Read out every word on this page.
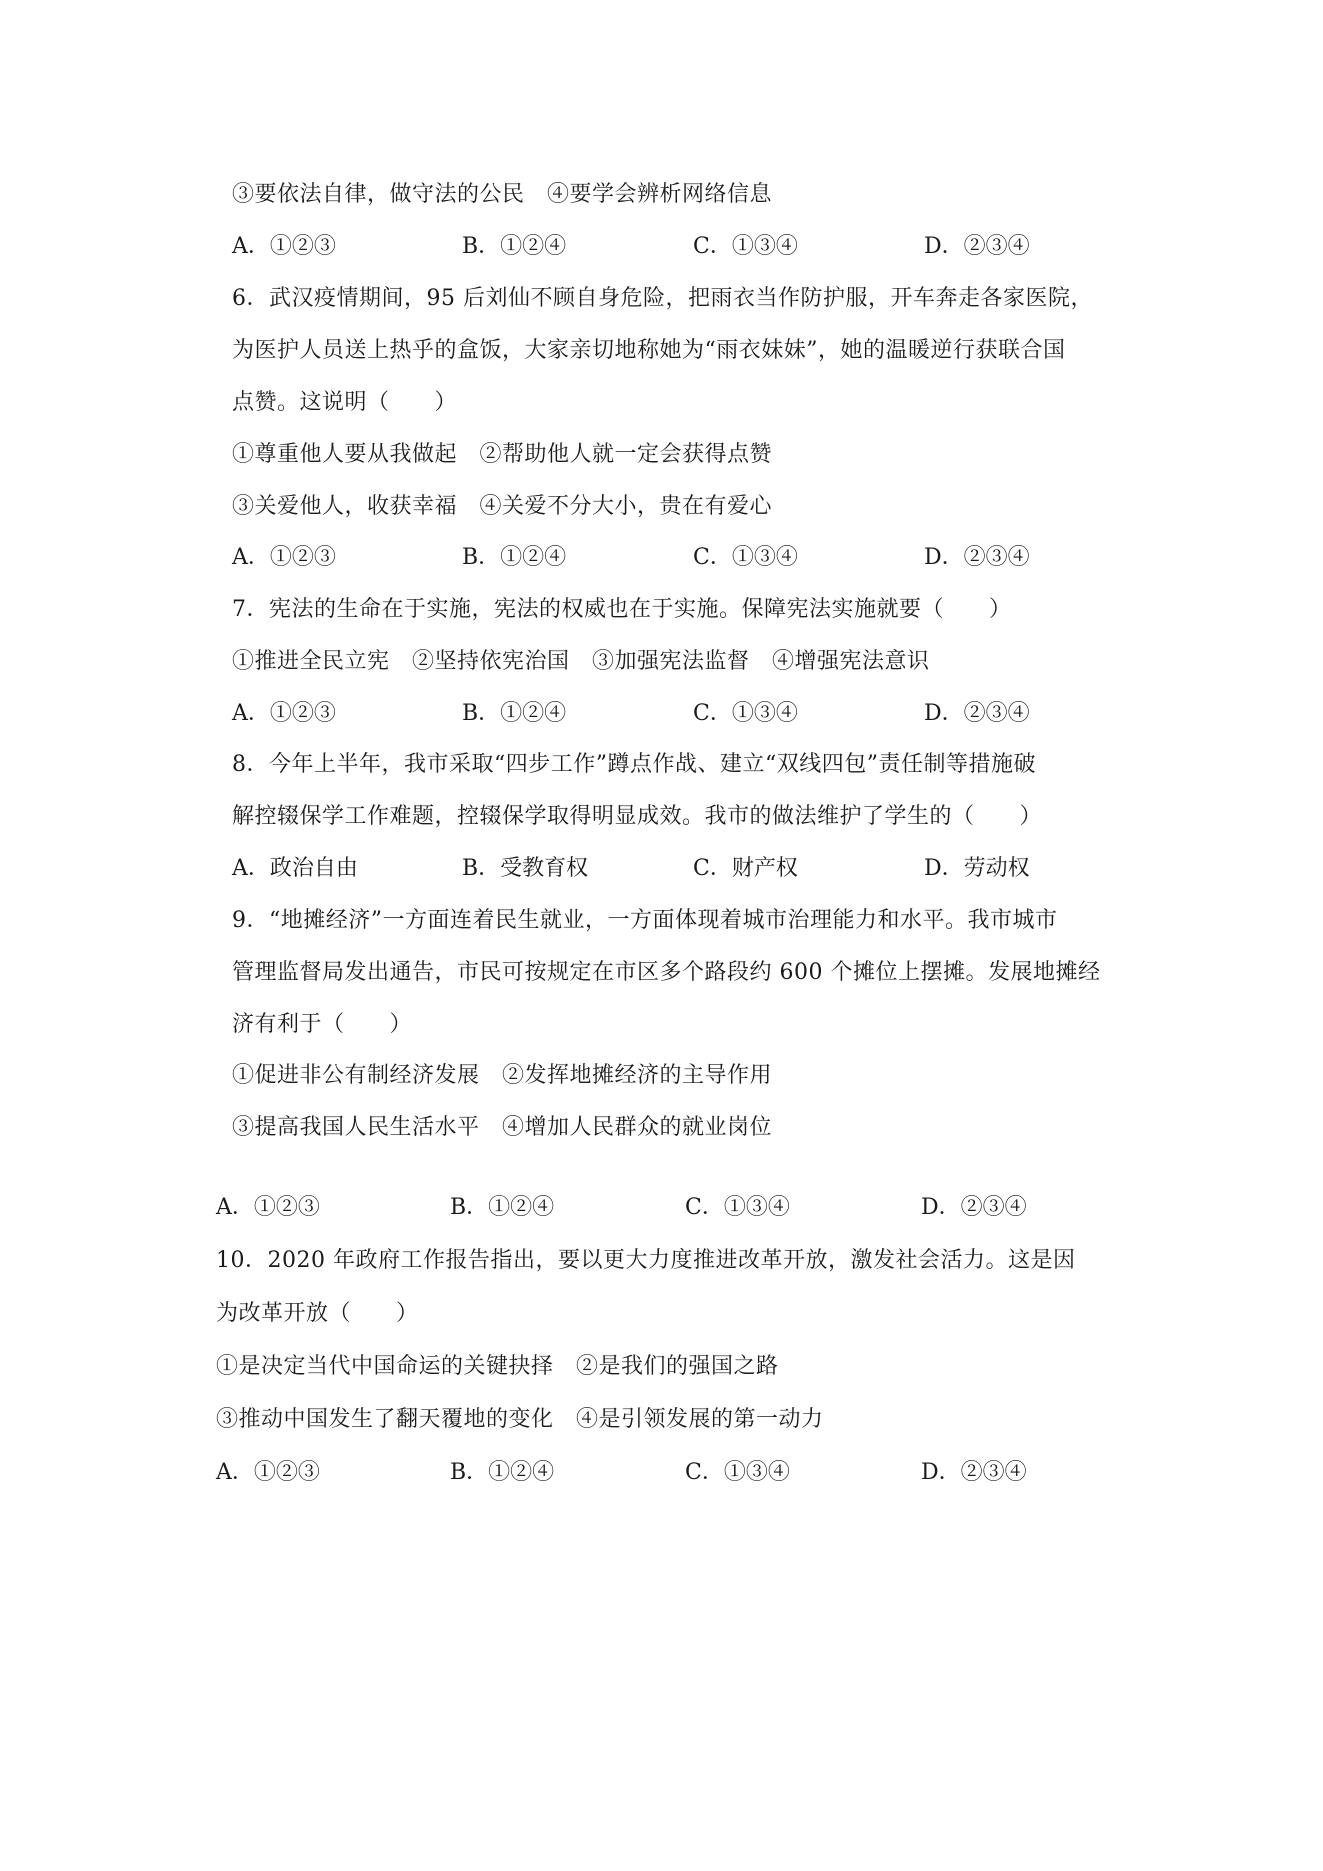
③要依法自律，做守法的公民　④要学会辨析网络信息
A．①②③	B．①②④	C．①③④	D．②③④
6．武汉疫情期间，95 后刘仙不顾自身危险，把雨衣当作防护服，开车奔走各家医院，
为医护人员送上热乎的盒饭，大家亲切地称她为“雨衣妹妹”，她的温暖逆行获联合国
点赞。这说明（　　）
①尊重他人要从我做起　②帮助他人就一定会获得点赞
③关爱他人，收获幸福　④关爱不分大小，贵在有爱心
A．①②③	B．①②④	C．①③④	D．②③④
7．宪法的生命在于实施，宪法的权威也在于实施。保障宪法实施就要（　　）
①推进全民立宪　②坚持依宪治国　③加强宪法监督　④增强宪法意识
A．①②③	B．①②④	C．①③④	D．②③④
8．今年上半年，我市采取“四步工作”蹲点作战、建立“双线四包”责任制等措施破
解控辍保学工作难题，控辍保学取得明显成效。我市的做法维护了学生的（　　）
A．政治自由	B．受教育权	C．财产权	D．劳动权
9．“地摊经济”一方面连着民生就业，一方面体现着城市治理能力和水平。我市城市
管理监督局发出通告，市民可按规定在市区多个路段约 600 个摊位上摆摊。发展地摊经
济有利于（　　）
①促进非公有制经济发展　②发挥地摊经济的主导作用
③提高我国人民生活水平　④增加人民群众的就业岗位
A．①②③	B．①②④	C．①③④	D．②③④
10．2020 年政府工作报告指出，要以更大力度推进改革开放，激发社会活力。这是因
为改革开放（　　）
①是决定当代中国命运的关键抉择　②是我们的强国之路
③推动中国发生了翻天覆地的变化　④是引领发展的第一动力
A．①②③	B．①②④	C．①③④	D．②③④
